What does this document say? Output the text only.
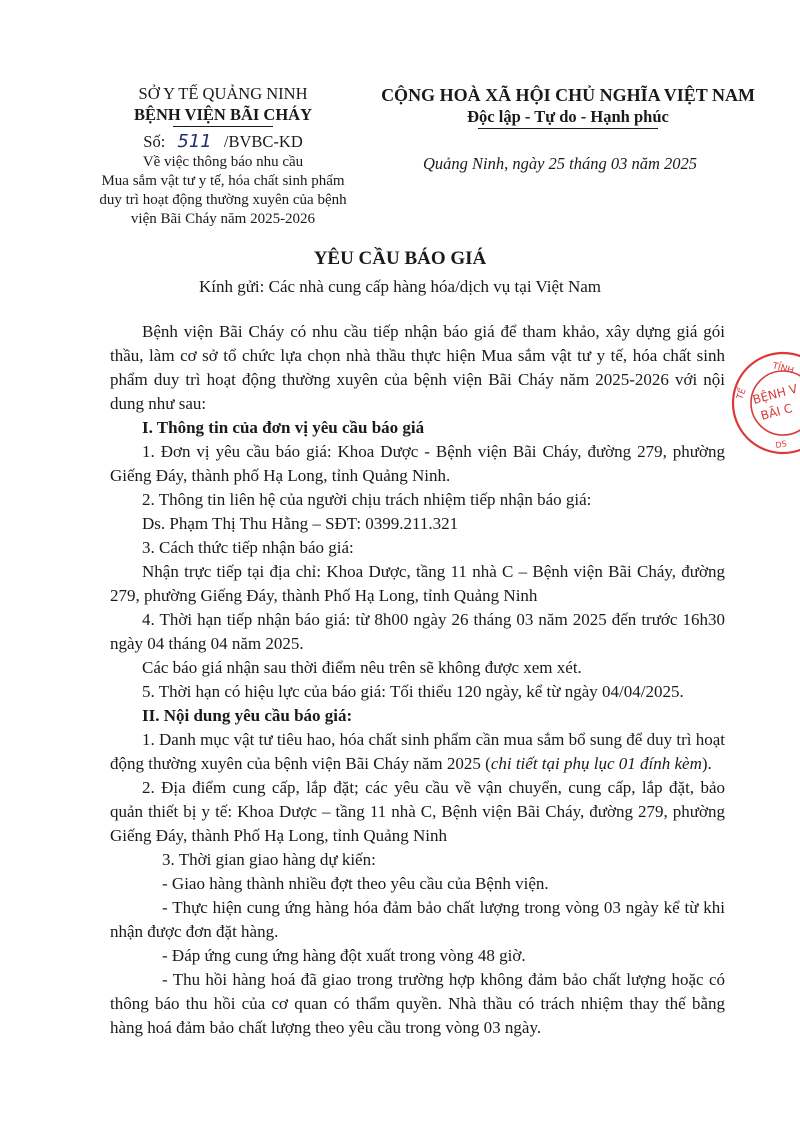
SỞ Y TẾ QUẢNG NINH
BỆNH VIỆN BÃI CHÁY
Số: 511 /BVBC-KD
Về việc thông báo nhu cầu
Mua sắm vật tư y tế, hóa chất sinh phẩm
duy trì hoạt động thường xuyên của bệnh
viện Bãi Cháy năm 2025-2026
CỘNG HOÀ XÃ HỘI CHỦ NGHĨA VIỆT NAM
Độc lập - Tự do - Hạnh phúc
Quảng Ninh, ngày 25 tháng 03 năm 2025
YÊU CẦU BÁO GIÁ
Kính gửi: Các nhà cung cấp hàng hóa/dịch vụ tại Việt Nam

Bệnh viện Bãi Cháy có nhu cầu tiếp nhận báo giá để tham khảo, xây dựng giá gói thầu, làm cơ sở tổ chức lựa chọn nhà thầu thực hiện Mua sắm vật tư y tế, hóa chất sinh phẩm duy trì hoạt động thường xuyên của bệnh viện Bãi Cháy năm 2025-2026 với nội dung như sau:

I. Thông tin của đơn vị yêu cầu báo giá

1. Đơn vị yêu cầu báo giá: Khoa Dược - Bệnh viện Bãi Cháy, đường 279, phường Giếng Đáy, thành phố Hạ Long, tỉnh Quảng Ninh.

2. Thông tin liên hệ của người chịu trách nhiệm tiếp nhận báo giá:

Ds. Phạm Thị Thu Hằng – SĐT: 0399.211.321

3. Cách thức tiếp nhận báo giá:

Nhận trực tiếp tại địa chỉ: Khoa Dược, tầng 11 nhà C – Bệnh viện Bãi Cháy, đường 279, phường Giếng Đáy, thành Phố Hạ Long, tỉnh Quảng Ninh

4. Thời hạn tiếp nhận báo giá: từ 8h00 ngày 26 tháng 03 năm 2025 đến trước 16h30 ngày 04 tháng 04 năm 2025.

Các báo giá nhận sau thời điểm nêu trên sẽ không được xem xét.

5. Thời hạn có hiệu lực của báo giá: Tối thiểu 120 ngày, kể từ ngày 04/04/2025.

II. Nội dung yêu cầu báo giá:

1. Danh mục vật tư tiêu hao, hóa chất sinh phẩm cần mua sắm bổ sung để duy trì hoạt động thường xuyên của bệnh viện Bãi Cháy năm 2025 (chi tiết tại phụ lục 01 đính kèm).

2. Địa điểm cung cấp, lắp đặt; các yêu cầu về vận chuyển, cung cấp, lắp đặt, bảo quản thiết bị y tế: Khoa Dược – tầng 11 nhà C, Bệnh viện Bãi Cháy, đường 279, phường Giếng Đáy, thành Phố Hạ Long, tỉnh Quảng Ninh

3. Thời gian giao hàng dự kiến:

- Giao hàng thành nhiều đợt theo yêu cầu của Bệnh viện.

- Thực hiện cung ứng hàng hóa đảm bảo chất lượng trong vòng 03 ngày kể từ khi nhận được đơn đặt hàng.

- Đáp ứng cung ứng hàng đột xuất trong vòng 48 giờ.

- Thu hồi hàng hoá đã giao trong trường hợp không đảm bảo chất lượng hoặc có thông báo thu hồi của cơ quan có thẩm quyền. Nhà thầu có trách nhiệm thay thế bằng hàng hoá đảm bảo chất lượng theo yêu cầu trong vòng 03 ngày.

TỈNH
TẾ
DS
BỆNH V
BÃI C
